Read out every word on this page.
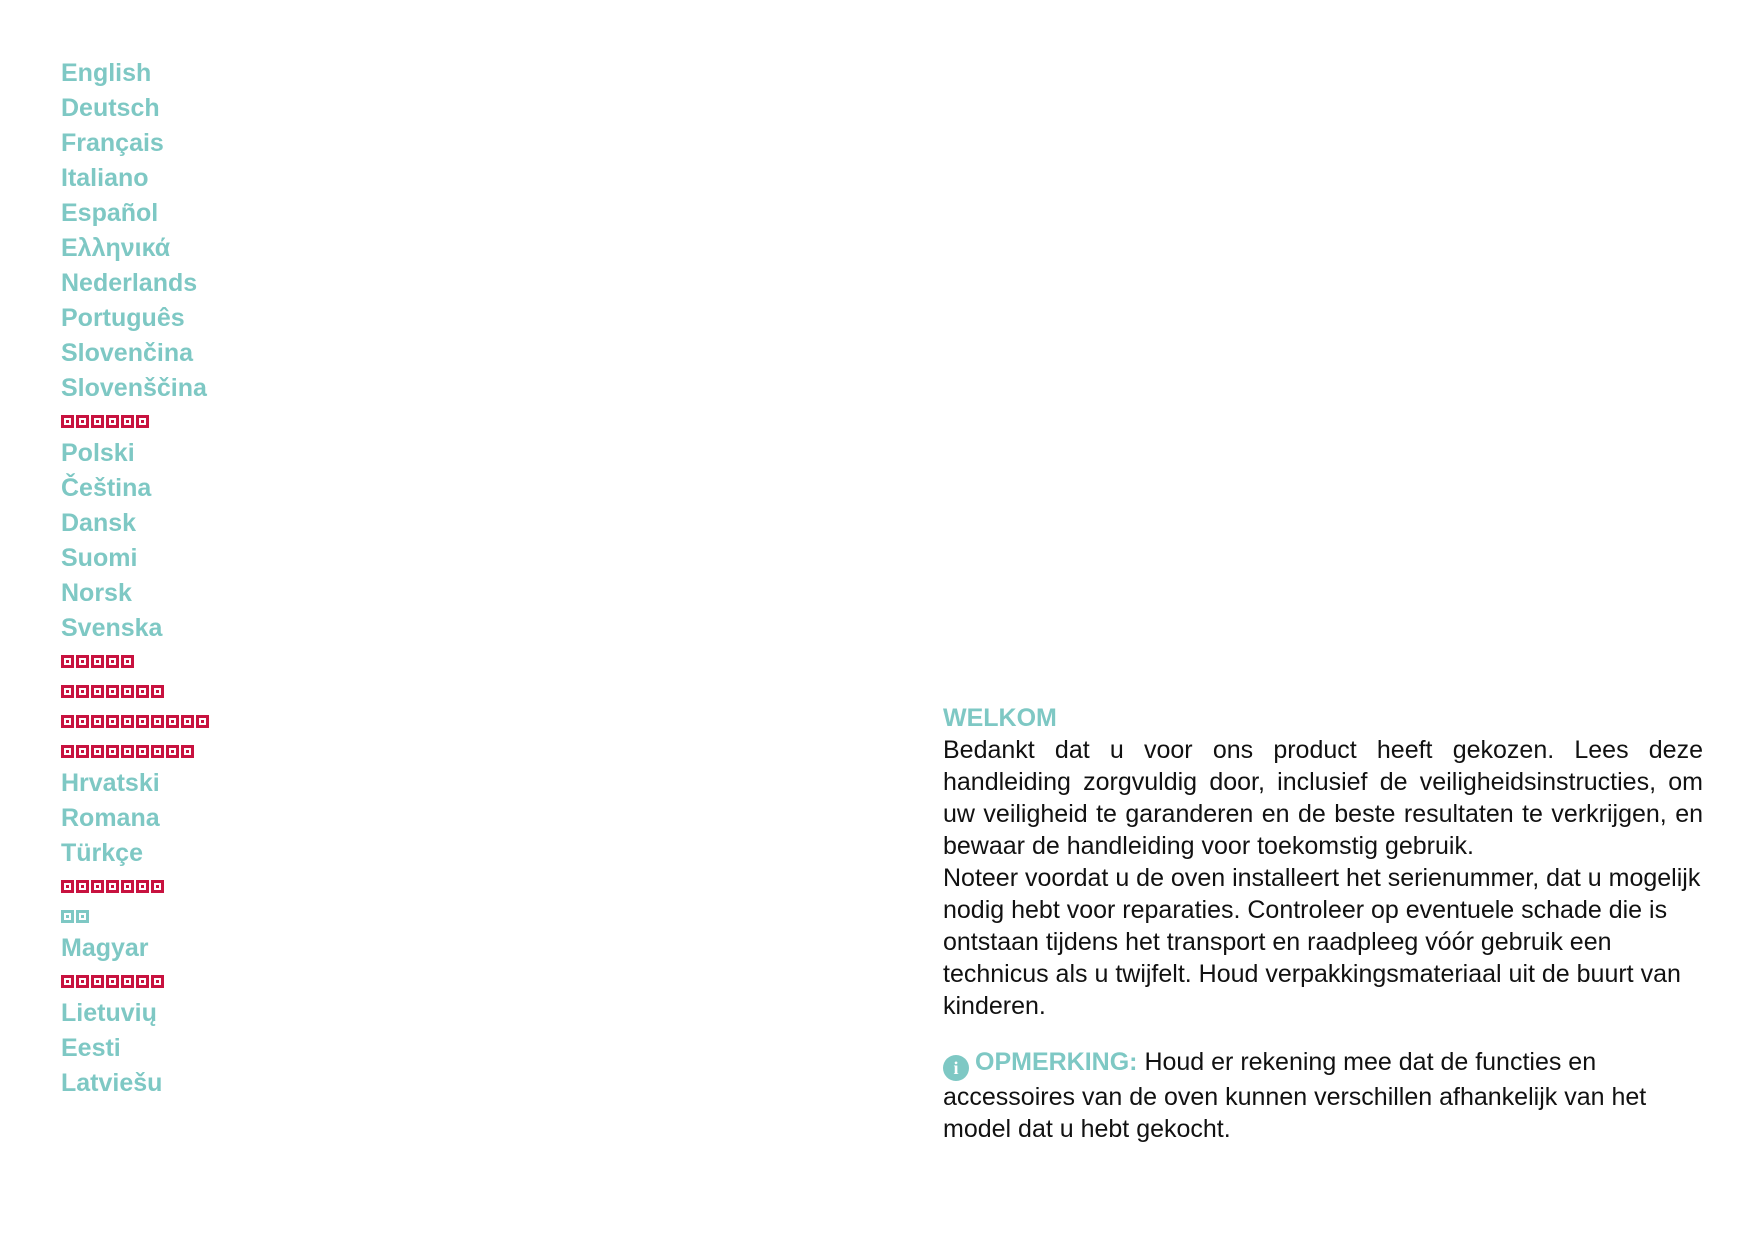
English
Deutsch
Français
Italiano
Español
Ελληνικά
Nederlands
Português
Slovenčina
Slovenščina
Polski
Čeština
Dansk
Suomi
Norsk
Svenska
Hrvatski
Romana
Türkçe
Magyar
Lietuvių
Eesti
Latviešu
WELKOM

Bedankt dat u voor ons product heeft gekozen. Lees deze handleiding zorgvuldig door, inclusief de veiligheidsinstructies, om uw veiligheid te garanderen en de beste resultaten te verkrijgen, en bewaar de handleiding voor toekomstig gebruik.

Noteer voordat u de oven installeert het serienummer, dat u mogelijk nodig hebt voor reparaties. Controleer op eventuele schade die is ontstaan tijdens het transport en raadpleeg vóór gebruik een technicus als u twijfelt. Houd verpakkingsmateriaal uit de buurt van kinderen.

i OPMERKING: Houd er rekening mee dat de functies en accessoires van de oven kunnen verschillen afhankelijk van het model dat u hebt gekocht.
